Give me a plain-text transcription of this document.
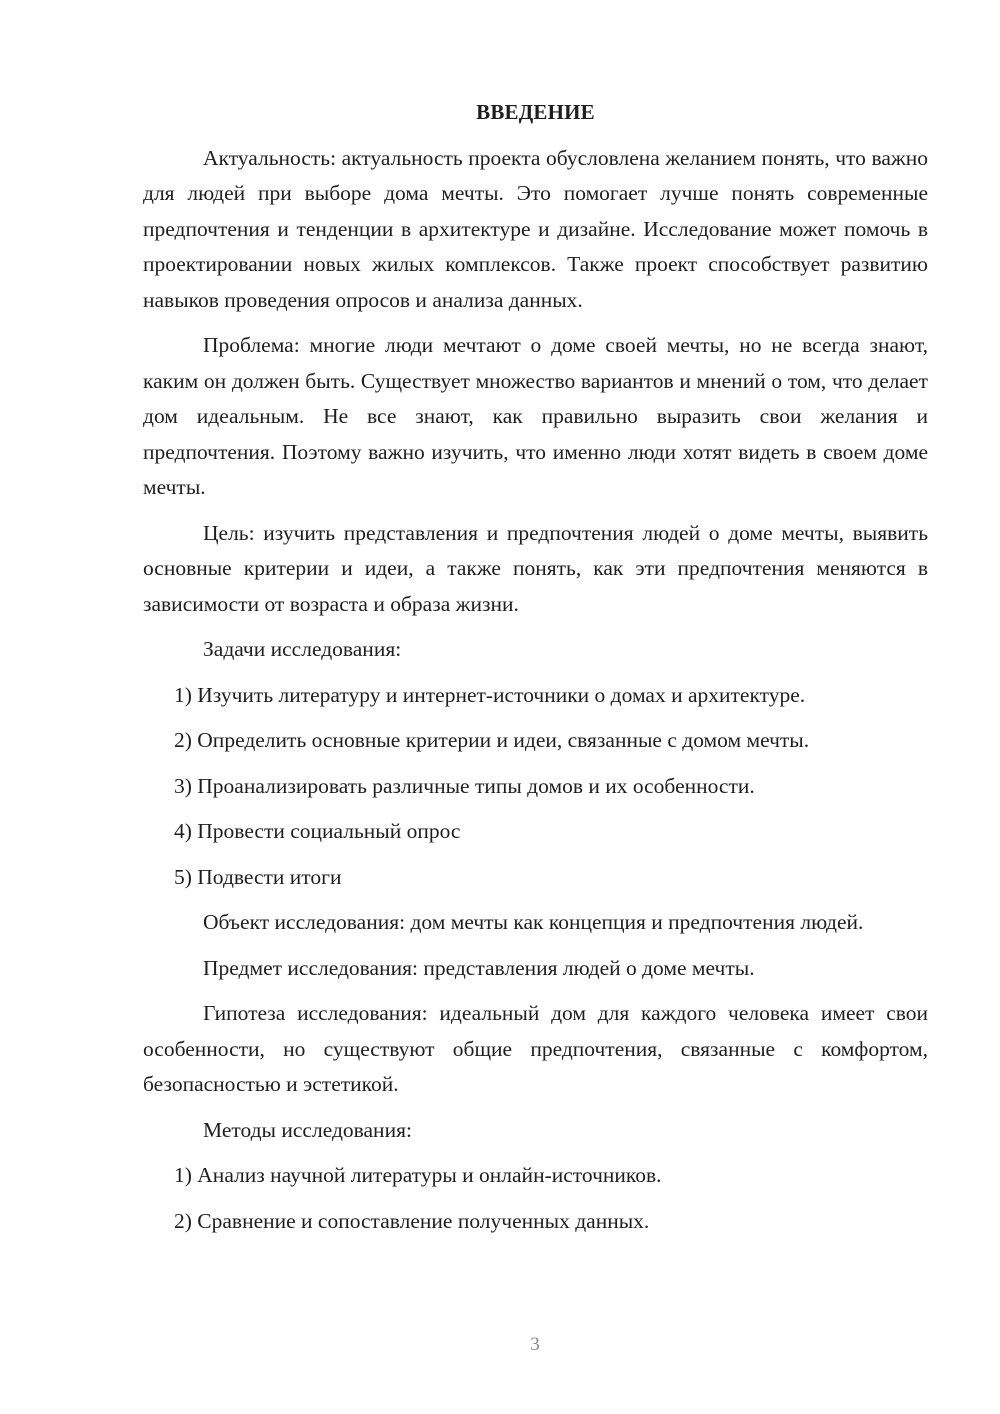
ВВЕДЕНИЕ

Актуальность: актуальность проекта обусловлена желанием понять, что важно для людей при выборе дома мечты. Это помогает лучше понять современные предпочтения и тенденции в архитектуре и дизайне. Исследование может помочь в проектировании новых жилых комплексов. Также проект способствует развитию навыков проведения опросов и анализа данных.

Проблема: многие люди мечтают о доме своей мечты, но не всегда знают, каким он должен быть. Существует множество вариантов и мнений о том, что делает дом идеальным. Не все знают, как правильно выразить свои желания и предпочтения. Поэтому важно изучить, что именно люди хотят видеть в своем доме мечты.

Цель: изучить представления и предпочтения людей о доме мечты, выявить основные критерии и идеи, а также понять, как эти предпочтения меняются в зависимости от возраста и образа жизни.

Задачи исследования:
1) Изучить литературу и интернет-источники о домах и архитектуре.
2) Определить основные критерии и идеи, связанные с домом мечты.
3) Проанализировать различные типы домов и их особенности.
4) Провести социальный опрос
5) Подвести итоги

Объект исследования: дом мечты как концепция и предпочтения людей.

Предмет исследования: представления людей о доме мечты.

Гипотеза исследования: идеальный дом для каждого человека имеет свои особенности, но существуют общие предпочтения, связанные с комфортом, безопасностью и эстетикой.

Методы исследования:
1) Анализ научной литературы и онлайн-источников.
2) Сравнение и сопоставление полученных данных.
3
